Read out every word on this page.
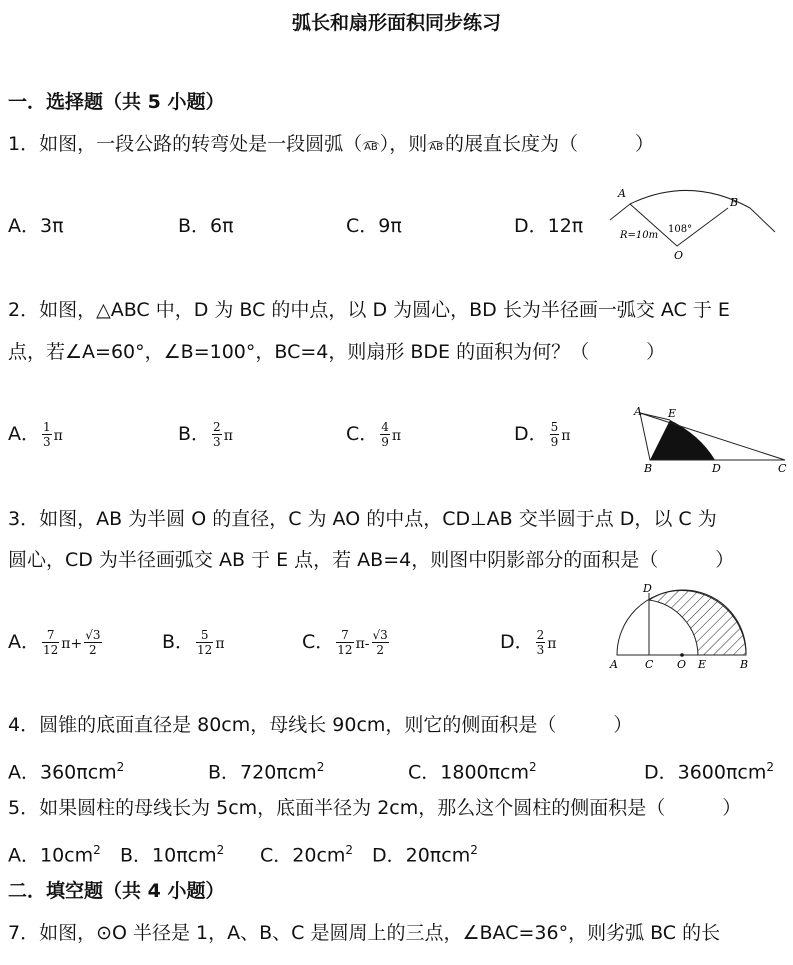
弧长和扇形面积同步练习
一．选择题（共 5 小题）
1．如图，一段公路的转弯处是一段圆弧（ AB ），则 AB 的展直长度为（　　　）
A．3π	B．6π	C．9π	D．12π
A
B
R=10m
108°
O
2．如图，△ABC 中，D 为 BC 的中点，以 D 为圆心，BD 长为半径画一弧交 AC 于 E
点，若∠A=60°，∠B=100°，BC=4，则扇形 BDE 的面积为何？（　　　）
A． $\frac{1}{3}$ π	B． $\frac{2}{3}$ π	C． $\frac{4}{9}$ π	D． $\frac{5}{9}$ π
A E
B	D	C
3．如图，AB 为半圆 O 的直径，C 为 AO 的中点，CD⊥AB 交半圆于点 D，以 C 为
圆心，CD 为半径画弧交 AB 于 E 点，若 AB=4，则图中阴影部分的面积是（　　　）
A． $\frac{7}{12} \pi+ \frac{√3}{2}$	B． $\frac{5}{12}$ π	C． $\frac{7}{12} \pi- \frac{√3}{2}$	D． $\frac{2}{3}$ π
D
A C O E	B
4．圆锥的底面直径是 80cm，母线长 90cm，则它的侧面积是（　　　）
A．360πcm$^2$	B．720πcm$^2$	C．1800πcm$^2$	D．3600πcm$^2$
5．如果圆柱的母线长为 5cm，底面半径为 2cm，那么这个圆柱的侧面积是（　　　）
A．$10cm^2$ B．10πcm$^2$ C．$20cm^2$ D．20πcm$^2$
二．填空题（共 4 小题）
7．如图，⊙O 半径是 1，A、B、C 是圆周上的三点，∠BAC=36°，则劣弧 BC 的长
